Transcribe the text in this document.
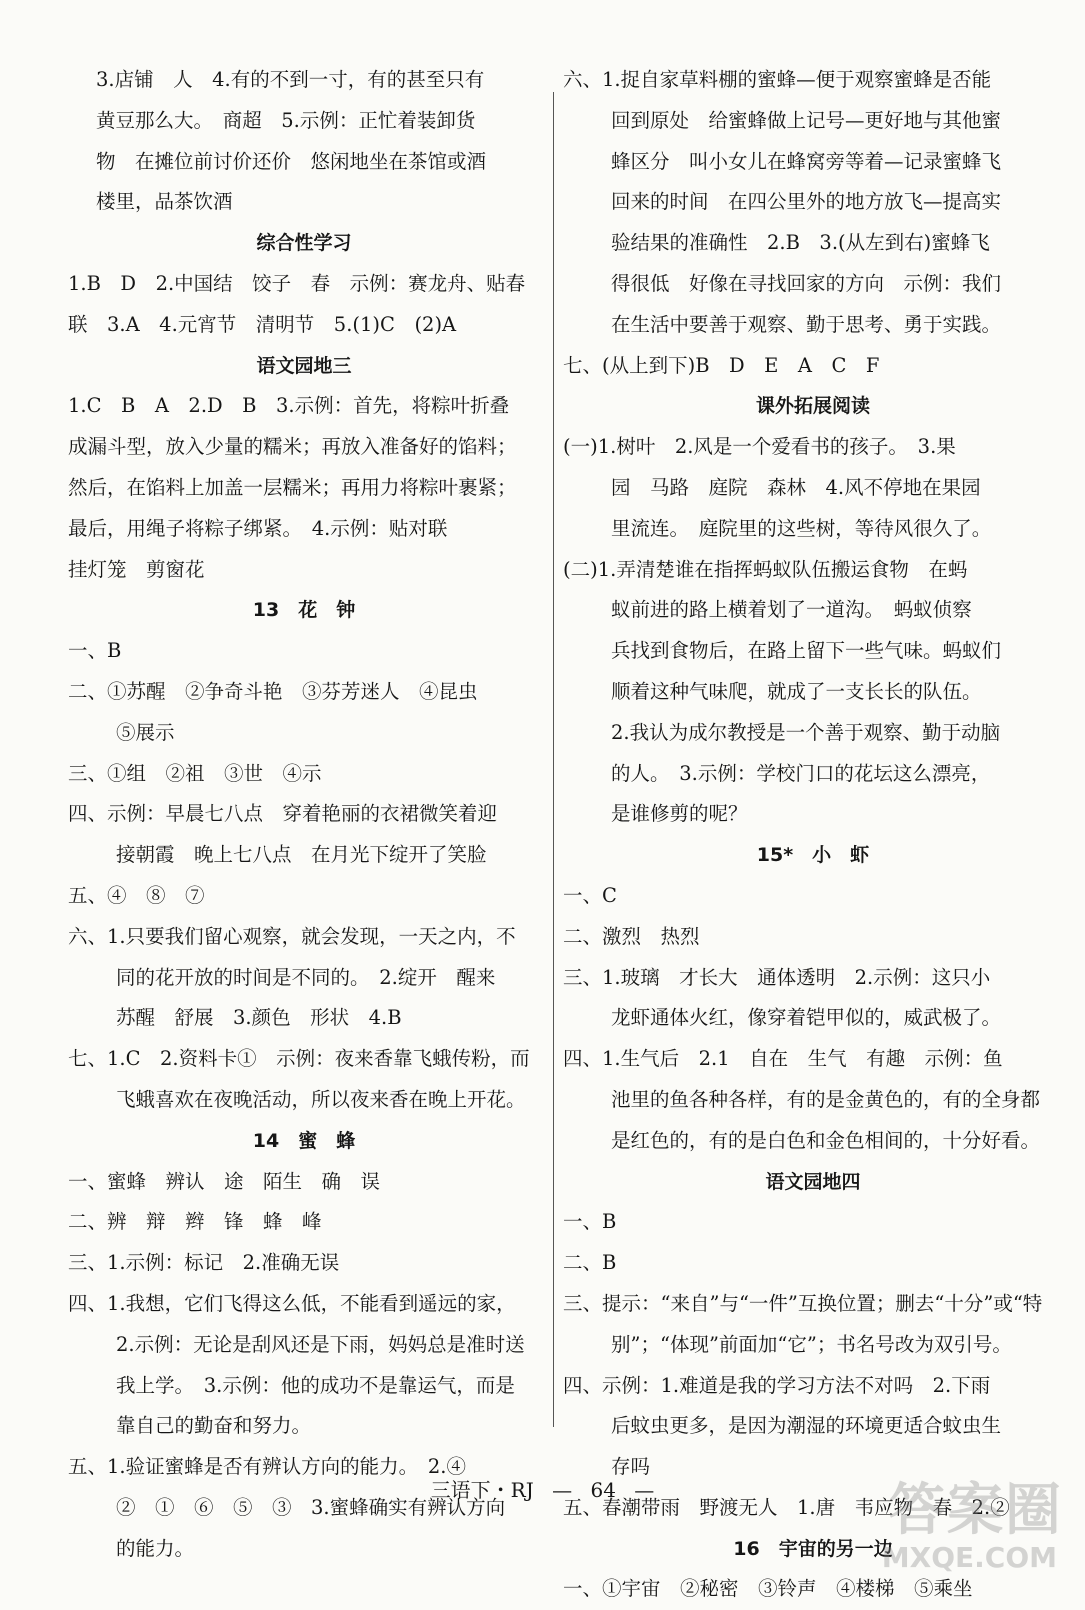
3.店铺　人　4.有的不到一寸，有的甚至只有
黄豆那么大。　商超　5.示例：正忙着装卸货
物　在摊位前讨价还价　悠闲地坐在茶馆或酒
楼里，品茶饮酒
综合性学习
1.B　D　2.中国结　饺子　春　示例：赛龙舟、贴春
联　3.A　4.元宵节　清明节　5.(1)C　(2)A
语文园地三
1.C　B　A　2.D　B　3.示例：首先，将粽叶折叠
成漏斗型，放入少量的糯米；再放入准备好的馅料；
然后，在馅料上加盖一层糯米；再用力将粽叶裹紧；
最后，用绳子将粽子绑紧。　4.示例：贴对联
挂灯笼　剪窗花
13　花　钟
一、B
二、①苏醒　②争奇斗艳　③芬芳迷人　④昆虫
⑤展示
三、①组　②祖　③世　④示
四、示例：早晨七八点　穿着艳丽的衣裙微笑着迎
接朝霞　晚上七八点　在月光下绽开了笑脸
五、④　⑧　⑦
六、1.只要我们留心观察，就会发现，一天之内，不
同的花开放的时间是不同的。　2.绽开　醒来
苏醒　舒展　3.颜色　形状　4.B
七、1.C　2.资料卡①　示例：夜来香靠飞蛾传粉，而
飞蛾喜欢在夜晚活动，所以夜来香在晚上开花。
14　蜜　蜂
一、蜜蜂　辨认　途　陌生　确　误
二、辨　辩　辫　锋　蜂　峰
三、1.示例：标记　2.准确无误
四、1.我想，它们飞得这么低，不能看到遥远的家，
2.示例：无论是刮风还是下雨，妈妈总是准时送
我上学。　3.示例：他的成功不是靠运气，而是
靠自己的勤奋和努力。
五、1.验证蜜蜂是否有辨认方向的能力。　2.④
②　①　⑥　⑤　③　3.蜜蜂确实有辨认方向
的能力。
六、1.捉自家草料棚的蜜蜂—便于观察蜜蜂是否能
回到原处　给蜜蜂做上记号—更好地与其他蜜
蜂区分　叫小女儿在蜂窝旁等着—记录蜜蜂飞
回来的时间　在四公里外的地方放飞—提高实
验结果的准确性　2.B　3.(从左到右)蜜蜂飞
得很低　好像在寻找回家的方向　示例：我们
在生活中要善于观察、勤于思考、勇于实践。
七、(从上到下)B　D　E　A　C　F
课外拓展阅读
(一)1.树叶　2.风是一个爱看书的孩子。　3.果
园　马路　庭院　森林　4.风不停地在果园
里流连。　庭院里的这些树，等待风很久了。
(二)1.弄清楚谁在指挥蚂蚁队伍搬运食物　在蚂
蚁前进的路上横着划了一道沟。　蚂蚁侦察
兵找到食物后，在路上留下一些气味。蚂蚁们
顺着这种气味爬，就成了一支长长的队伍。
2.我认为成尔教授是一个善于观察、勤于动脑
的人。　3.示例：学校门口的花坛这么漂亮，
是谁修剪的呢？
15*　小　虾
一、C
二、激烈　热烈
三、1.玻璃　才长大　通体透明　2.示例：这只小
龙虾通体火红，像穿着铠甲似的，威武极了。
四、1.生气后　2.1　自在　生气　有趣　示例：鱼
池里的鱼各种各样，有的是金黄色的，有的全身都
是红色的，有的是白色和金色相间的，十分好看。
语文园地四
一、B
二、B
三、提示：“来自”与“一件”互换位置；删去“十分”或“特
别”；“体现”前面加“它”；书名号改为双引号。
四、示例：1.难道是我的学习方法不对吗　2.下雨
后蚊虫更多，是因为潮湿的环境更适合蚊虫生
存吗
五、春潮带雨　野渡无人　1.唐　韦应物　春　2.②
16　宇宙的另一边
一、①宇宙　②秘密　③铃声　④楼梯　⑤乘坐
三语下・RJ — 64 —	答案圈
MXQE.COM
